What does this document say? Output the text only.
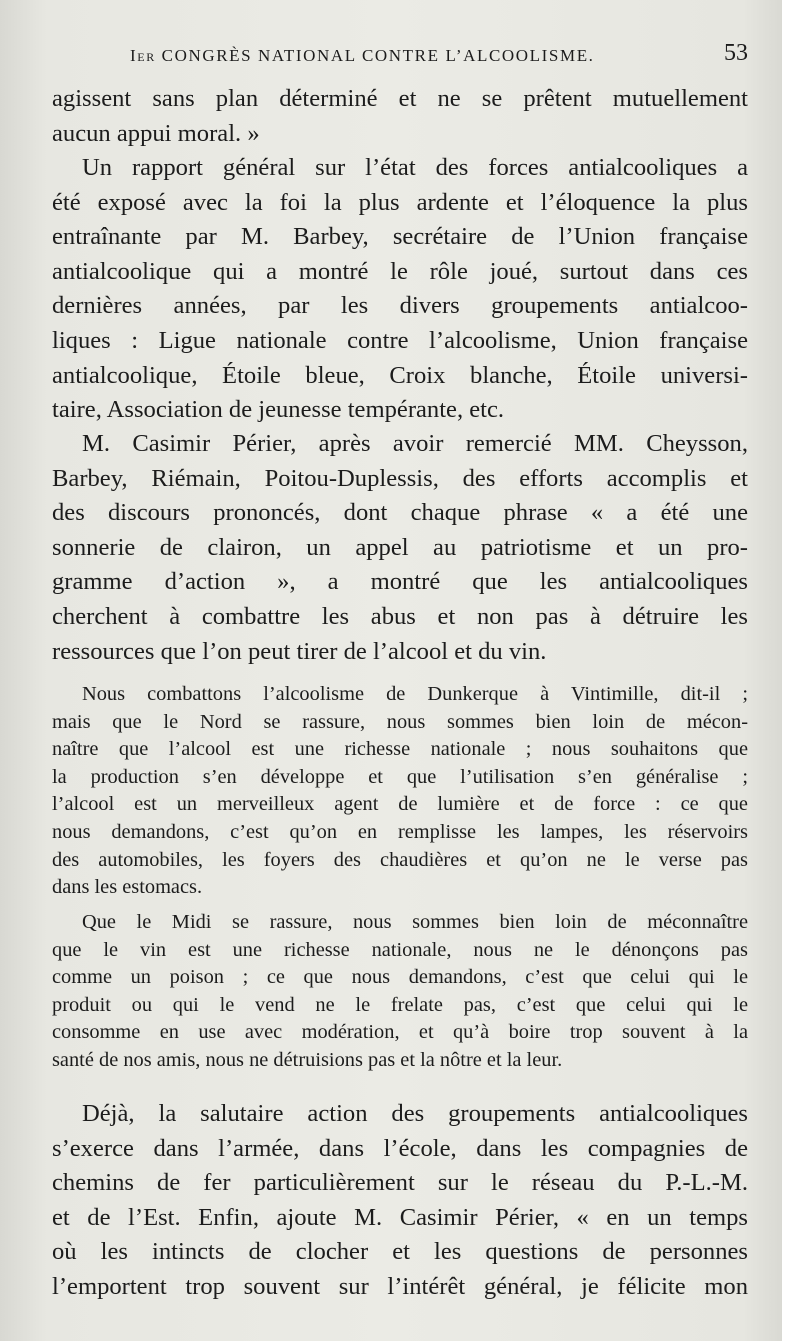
Ier CONGRÈS NATIONAL CONTRE L’ALCOOLISME.	53
agissent sans plan déterminé et ne se prêtent mutuellement
aucun appui moral. »
Un rapport général sur l’état des forces antialcooliques a
été exposé avec la foi la plus ardente et l’éloquence la plus
entraînante par M. Barbey, secrétaire de l’Union française
antialcoolique qui a montré le rôle joué, surtout dans ces
dernières années, par les divers groupements antialcoo-
liques : Ligue nationale contre l’alcoolisme, Union française
antialcoolique, Étoile bleue, Croix blanche, Étoile universi-
taire, Association de jeunesse tempérante, etc.
M. Casimir Périer, après avoir remercié MM. Cheysson,
Barbey, Riémain, Poitou-Duplessis, des efforts accomplis et
des discours prononcés, dont chaque phrase « a été une
sonnerie de clairon, un appel au patriotisme et un pro-
gramme d’action », a montré que les antialcooliques
cherchent à combattre les abus et non pas à détruire les
ressources que l’on peut tirer de l’alcool et du vin.
Nous combattons l’alcoolisme de Dunkerque à Vintimille, dit-il ;
mais que le Nord se rassure, nous sommes bien loin de mécon-
naître que l’alcool est une richesse nationale ; nous souhaitons que
la production s’en développe et que l’utilisation s’en généralise ;
l’alcool est un merveilleux agent de lumière et de force : ce que
nous demandons, c’est qu’on en remplisse les lampes, les réservoirs
des automobiles, les foyers des chaudières et qu’on ne le verse pas
dans les estomacs.
Que le Midi se rassure, nous sommes bien loin de méconnaître
que le vin est une richesse nationale, nous ne le dénonçons pas
comme un poison ; ce que nous demandons, c’est que celui qui le
produit ou qui le vend ne le frelate pas, c’est que celui qui le
consomme en use avec modération, et qu’à boire trop souvent à la
santé de nos amis, nous ne détruisions pas et la nôtre et la leur.
Déjà, la salutaire action des groupements antialcooliques
s’exerce dans l’armée, dans l’école, dans les compagnies de
chemins de fer particulièrement sur le réseau du P.-L.-M.
et de l’Est. Enfin, ajoute M. Casimir Périer, « en un temps
où les intincts de clocher et les questions de personnes
l’emportent trop souvent sur l’intérêt général, je félicite mon
